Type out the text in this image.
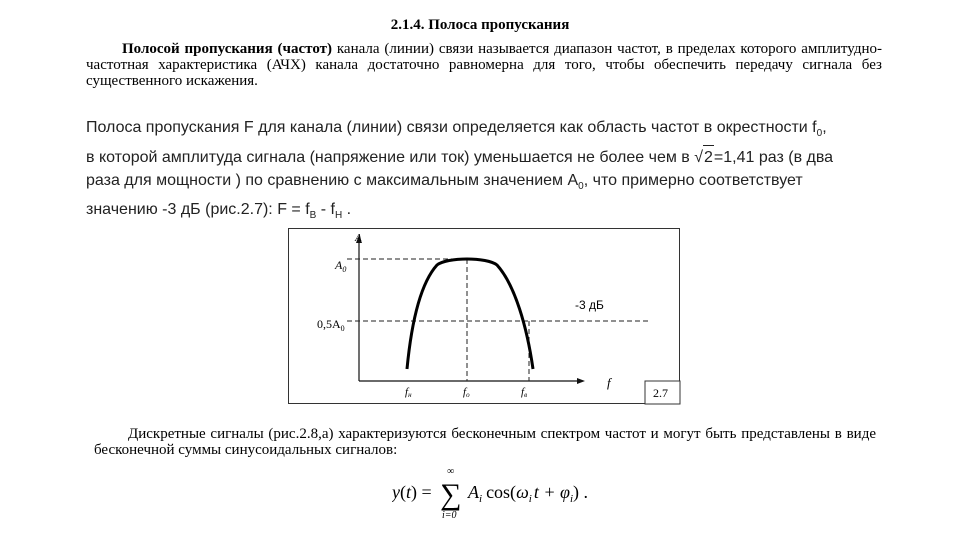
2.1.4. Полоса пропускания
Полосой пропускания (частот) канала (линии) связи называется диапазон частот, в пределах которого амплитудно-частотная характеристика (АЧХ) канала достаточно равномерна для того, чтобы обеспечить передачу сигнала без существенного искажения.
Полоса пропускания F для канала (линии) связи определяется как область частот в окрестности $f_0$,
в которой амплитуда сигнала (напряжение или ток) уменьшается не более чем в √2=1,41 раз (в два
раза для мощности ) по сравнению с максимальным значением $A_0$, что примерно соответствует
значению -3 дБ (рис.2.7): $F = f_В - f_Н$ .
A
f
$A_0$
$0,5A_0$
-3 дБ
fн	fо	fв	2.7
Дискретные сигналы (рис.2.8,а) характеризуются бесконечным спектром частот и могут быть представлены в виде бесконечной суммы синусоидальных сигналов:
y(t) =
∞
∑
i=0
$A_i$ $\cos(\omega_i$ $t + \varphi_i$) .
